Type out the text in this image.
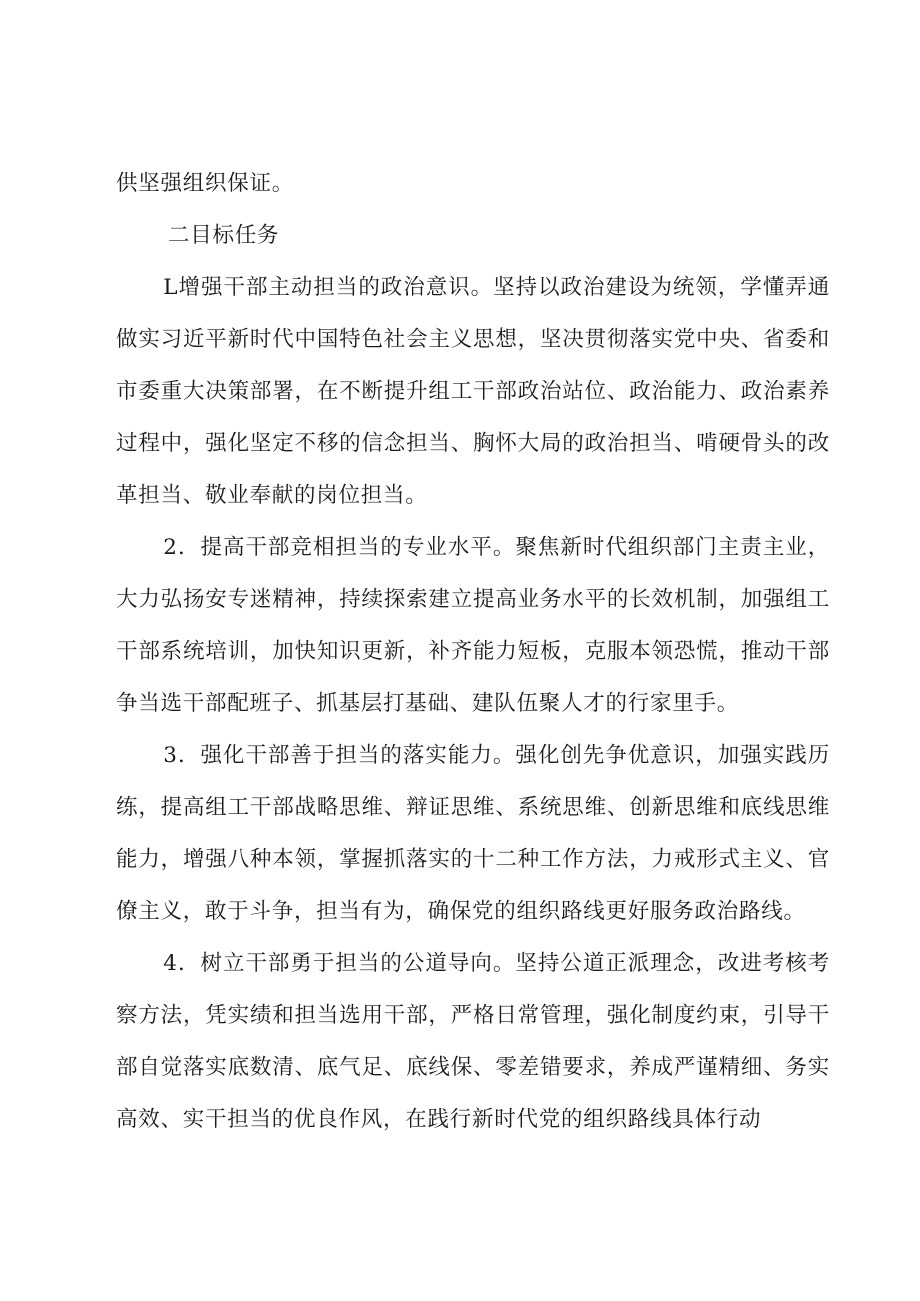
供坚强组织保证。

二目标任务

L增强干部主动担当的政治意识。坚持以政治建设为统领，学懂弄通做实习近平新时代中国特色社会主义思想，坚决贯彻落实党中央、省委和市委重大决策部署，在不断提升组工干部政治站位、政治能力、政治素养过程中，强化坚定不移的信念担当、胸怀大局的政治担当、啃硬骨头的改革担当、敬业奉献的岗位担当。

2．提高干部竞相担当的专业水平。聚焦新时代组织部门主责主业，大力弘扬安专迷精神，持续探索建立提高业务水平的长效机制，加强组工干部系统培训，加快知识更新，补齐能力短板，克服本领恐慌，推动干部争当选干部配班子、抓基层打基础、建队伍聚人才的行家里手。

3．强化干部善于担当的落实能力。强化创先争优意识，加强实践历练，提高组工干部战略思维、辩证思维、系统思维、创新思维和底线思维能力，增强八种本领，掌握抓落实的十二种工作方法，力戒形式主义、官僚主义，敢于斗争，担当有为，确保党的组织路线更好服务政治路线。

4．树立干部勇于担当的公道导向。坚持公道正派理念，改进考核考察方法，凭实绩和担当选用干部，严格日常管理，强化制度约束，引导干部自觉落实底数清、底气足、底线保、零差错要求，养成严谨精细、务实高效、实干担当的优良作风，在践行新时代党的组织路线具体行动
